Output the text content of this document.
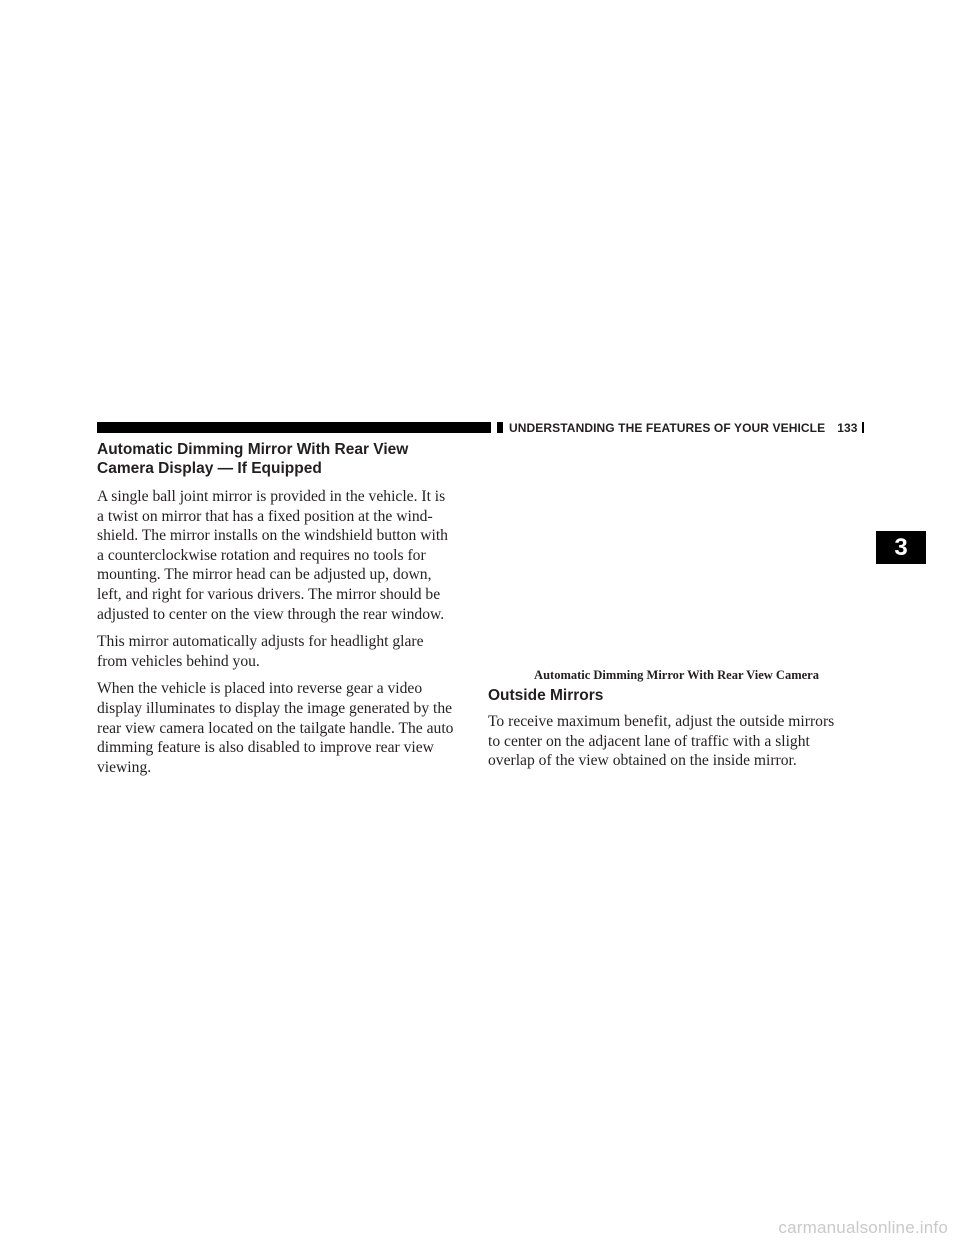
UNDERSTANDING THE FEATURES OF YOUR VEHICLE 133
3
Automatic Dimming Mirror With Rear View
Camera Display — If Equipped

A single ball joint mirror is provided in the vehicle. It is
a twist on mirror that has a fixed position at the wind-
shield. The mirror installs on the windshield button with
a counterclockwise rotation and requires no tools for
mounting. The mirror head can be adjusted up, down,
left, and right for various drivers. The mirror should be
adjusted to center on the view through the rear window.

This mirror automatically adjusts for headlight glare
from vehicles behind you.

When the vehicle is placed into reverse gear a video
display illuminates to display the image generated by the
rear view camera located on the tailgate handle. The auto
dimming feature is also disabled to improve rear view
viewing.

Automatic Dimming Mirror With Rear View Camera

Outside Mirrors

To receive maximum benefit, adjust the outside mirrors
to center on the adjacent lane of traffic with a slight
overlap of the view obtained on the inside mirror.

carmanualsonline.info
